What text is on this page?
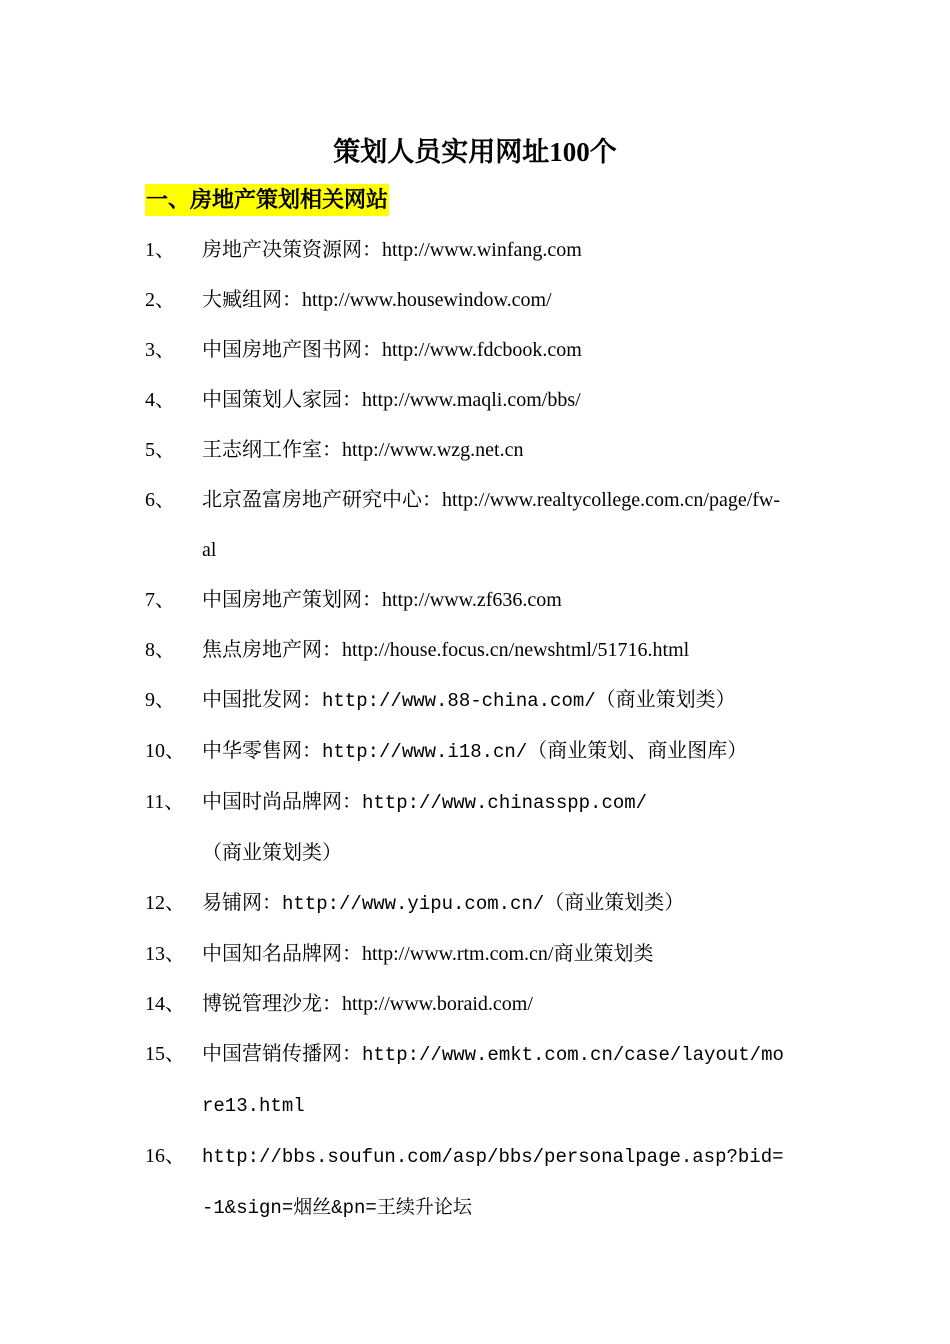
策划人员实用网址100个
一、房地产策划相关网站
1、	房地产决策资源网：http://www.winfang.com
2、	大臧组网：http://www.housewindow.com/
3、	中国房地产图书网：http://www.fdcbook.com
4、	中国策划人家园：http://www.maqli.com/bbs/
5、	王志纲工作室：http://www.wzg.net.cn
6、	北京盈富房地产研究中心：http://www.realtycollege.com.cn/page/fw-al
7、	中国房地产策划网：http://www.zf636.com
8、	焦点房地产网：http://house.focus.cn/newshtml/51716.html
9、	中国批发网：http://www.88-china.com/（商业策划类）
10、 中华零售网：http://www.i18.cn/（商业策划、商业图库）
11、 中国时尚品牌网：http://www.chinasspp.com/（商业策划类）
12、 易铺网：http://www.yipu.com.cn/（商业策划类）
13、 中国知名品牌网：http://www.rtm.com.cn/商业策划类
14、 博锐管理沙龙：http://www.boraid.com/
15、 中国营销传播网：http://www.emkt.com.cn/case/layout/more13.html
16、 http://bbs.soufun.com/asp/bbs/personalpage.asp?bid=-1&sign=烟丝&pn=王续升论坛
